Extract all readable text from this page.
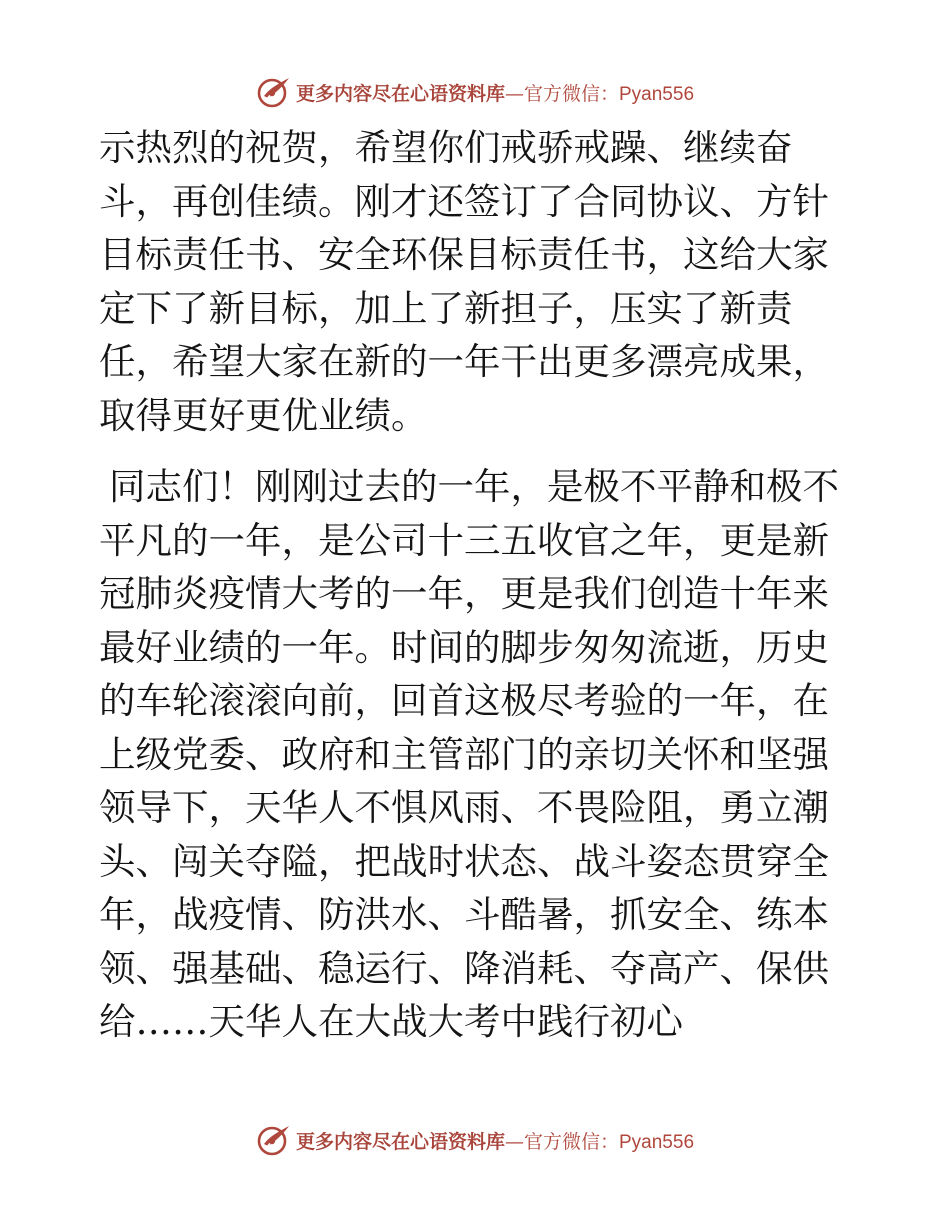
更多内容尽在心语资料库—官方微信：Pyan556

示热烈的祝贺，希望你们戒骄戒躁、继续奋斗，再创佳绩。刚才还签订了合同协议、方针目标责任书、安全环保目标责任书，这给大家定下了新目标，加上了新担子，压实了新责任，希望大家在新的一年干出更多漂亮成果，取得更好更优业绩。

同志们！刚刚过去的一年，是极不平静和极不平凡的一年，是公司十三五收官之年，更是新冠肺炎疫情大考的一年，更是我们创造十年来最好业绩的一年。时间的脚步匆匆流逝，历史的车轮滚滚向前，回首这极尽考验的一年，在上级党委、政府和主管部门的亲切关怀和坚强领导下，天华人不惧风雨、不畏险阻，勇立潮头、闯关夺隘，把战时状态、战斗姿态贯穿全年，战疫情、防洪水、斗酷暑，抓安全、练本领、强基础、稳运行、降消耗、夺高产、保供给……天华人在大战大考中践行初心

更多内容尽在心语资料库—官方微信：Pyan556
